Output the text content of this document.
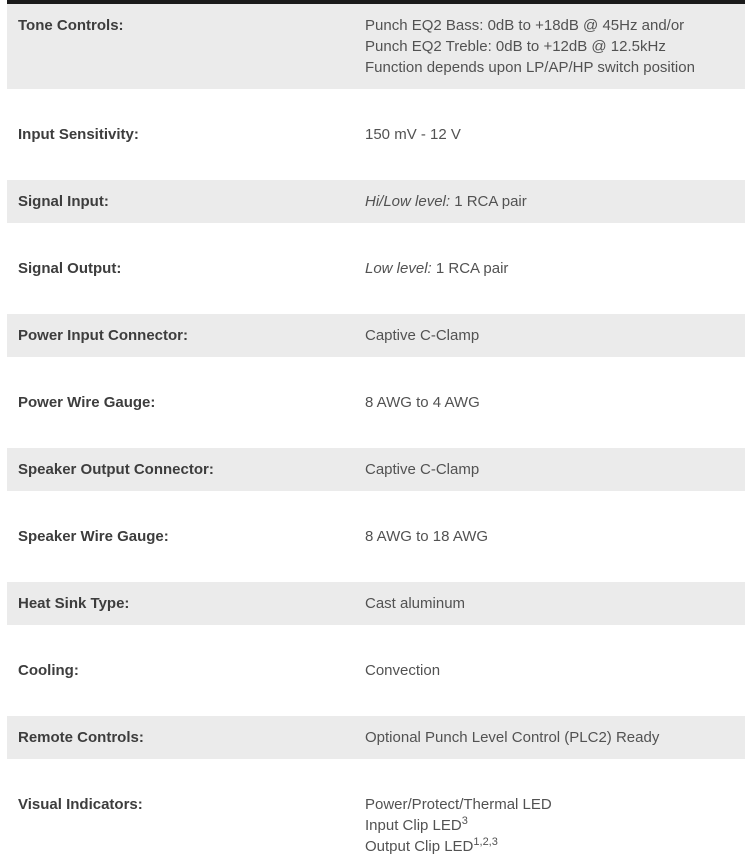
Tone Controls:	Punch EQ2 Bass: 0dB to +18dB @ 45Hz and/or
Punch EQ2 Treble: 0dB to +12dB @ 12.5kHz
Function depends upon LP/AP/HP switch position
Input Sensitivity:	150 mV - 12 V
Signal Input:	Hi/Low level: 1 RCA pair
Signal Output:	Low level: 1 RCA pair
Power Input Connector:	Captive C-Clamp
Power Wire Gauge:	8 AWG to 4 AWG
Speaker Output Connector:	Captive C-Clamp
Speaker Wire Gauge:	8 AWG to 18 AWG
Heat Sink Type:	Cast aluminum
Cooling:	Convection
Remote Controls:	Optional Punch Level Control (PLC2) Ready
Visual Indicators:	Power/Protect/Thermal LED
Input Clip LED$^3$
Output Clip LED$^{1,2,3}$
